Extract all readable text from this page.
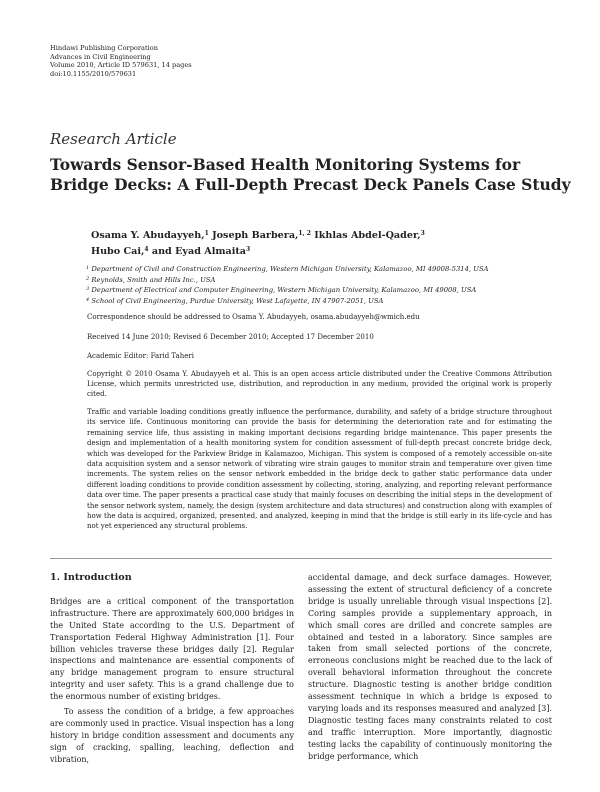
Hindawi Publishing Corporation
Advances in Civil Engineering
Volume 2010, Article ID 579631, 14 pages
doi:10.1155/2010/579631
Research Article
Towards Sensor-Based Health Monitoring Systems for
Bridge Decks: A Full-Depth Precast Deck Panels Case Study
Osama Y. Abudayyeh,$^1$ Joseph Barbera,$^{1, 2}$ Ikhlas Abdel-Qader,$^3$
Hubo Cai,$^4$ and Eyad Almaita$^3$
$^1$ Department of Civil and Construction Engineering, Western Michigan University, Kalamazoo, MI 49008-5314, USA
$^2$ Reynolds, Smith and Hills Inc., USA
$^3$ Department of Electrical and Computer Engineering, Western Michigan University, Kalamazoo, MI 49008, USA
$^4$ School of Civil Engineering, Purdue University, West Lafayette, IN 47907-2051, USA
Correspondence should be addressed to Osama Y. Abudayyeh, osama.abudayyeh@wmich.edu
Received 14 June 2010; Revised 6 December 2010; Accepted 17 December 2010
Academic Editor: Farid Taheri
Copyright © 2010 Osama Y. Abudayyeh et al. This is an open access article distributed under the Creative Commons Attribution License, which permits unrestricted use, distribution, and reproduction in any medium, provided the original work is properly cited.
Traffic and variable loading conditions greatly influence the performance, durability, and safety of a bridge structure throughout its service life. Continuous monitoring can provide the basis for determining the deterioration rate and for estimating the remaining service life, thus assisting in making important decisions regarding bridge maintenance. This paper presents the design and implementation of a health monitoring system for condition assessment of full-depth precast concrete bridge deck, which was developed for the Parkview Bridge in Kalamazoo, Michigan. This system is composed of a remotely accessible on-site data acquisition system and a sensor network of vibrating wire strain gauges to monitor strain and temperature over given time increments. The system relies on the sensor network embedded in the bridge deck to gather static performance data under different loading conditions to provide condition assessment by collecting, storing, analyzing, and reporting relevant performance data over time. The paper presents a practical case study that mainly focuses on describing the initial steps in the development of the sensor network system, namely, the design (system architecture and data structures) and construction along with examples of how the data is acquired, organized, presented, and analyzed, keeping in mind that the bridge is still early in its life-cycle and has not yet experienced any structural problems.
1. Introduction

Bridges are a critical component of the transportation infrastructure. There are approximately 600,000 bridges in the United State according to the U.S. Department of Transportation Federal Highway Administration [1]. Four billion vehicles traverse these bridges daily [2]. Regular inspections and maintenance are essential components of any bridge management program to ensure structural integrity and user safety. This is a grand challenge due to the enormous number of existing bridges.

To assess the condition of a bridge, a few approaches are commonly used in practice. Visual inspection has a long history in bridge condition assessment and documents any sign of cracking, spalling, leaching, deflection and vibration,

accidental damage, and deck surface damages. However, assessing the extent of structural deficiency of a concrete bridge is usually unreliable through visual inspections [2]. Coring samples provide a supplementary approach, in which small cores are drilled and concrete samples are obtained and tested in a laboratory. Since samples are taken from small selected portions of the concrete, erroneous conclusions might be reached due to the lack of overall behavioral information throughout the concrete structure. Diagnostic testing is another bridge condition assessment technique in which a bridge is exposed to varying loads and its responses measured and analyzed [3]. Diagnostic testing faces many constraints related to cost and traffic interruption. More importantly, diagnostic testing lacks the capability of continuously monitoring the bridge performance, which
